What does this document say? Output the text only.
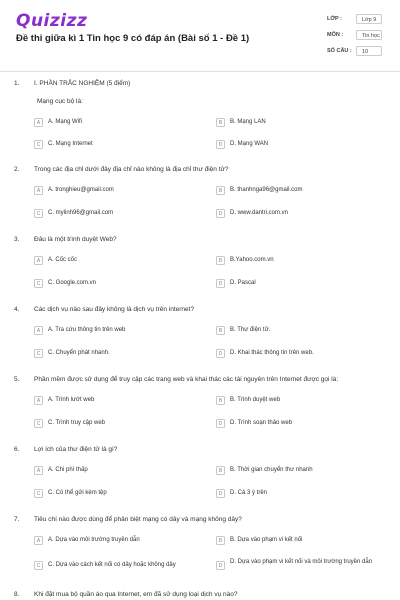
Quizizz
Đề thi giữa kì 1 Tin học 9 có đáp án (Bài số 1 - Đề 1)
LỚP :	Lớp 9
MÔN :	Tin học
SỐ CÂU :	10
1. I. PHẦN TRẮC NGHIỆM (5 điểm)
Mạng cục bộ là:
A	A. Mạng Wifi	B	B. Mạng LAN
C	C. Mạng Internet	D	D. Mạng WAN
2. Trong các địa chỉ dưới đây địa chỉ nào không là địa chỉ thư điện tử?
A	A. tronghieu@gmail.com	B	B. thanhnga96@gmail.com
C	C. mylinh96@gmail.com	D	D. www.dantri.com.vn
3. Đâu là một trình duyệt Web?
A	A. Cốc cốc	B	B.Yahoo.com.vn
C	C. Google.com.vn	D	D. Pascal
4. Các dịch vụ nào sau đây không là dịch vụ trên internet?
A	A. Tra cứu thông tin trên web	B	B. Thư điện tử.
C	C. Chuyển phát nhanh.	D	D. Khai thác thông tin trên web.
5. Phần mềm được sử dụng để truy cập các trang web và khai thác các tài nguyên trên Internet được gọi là:
A	A. Trình lướt web	B	B. Trình duyệt web
C	C. Trình truy cập web	D	D. Trình soạn thảo web
6. Lợi ích của thư điện tử là gì?
A	A. Chi phí thấp	B	B. Thời gian chuyển thư nhanh
C	C. Có thể gửi kèm tệp	D	D. Cả 3 ý trên
7. Tiêu chí nào được dùng để phân biệt mạng có dây và mạng không dây?
A	A. Dựa vào môi trường truyền dẫn	B	B. Dựa vào phạm vi kết nối
C	C. Dựa vào cách kết nối có dây hoặc không dây	D
D. Dựa vào phạm vi kết nối và môi trường truyền dẫn
8. Khi đặt mua bộ quần áo qua Internet, em đã sử dụng loại dịch vụ nào?
